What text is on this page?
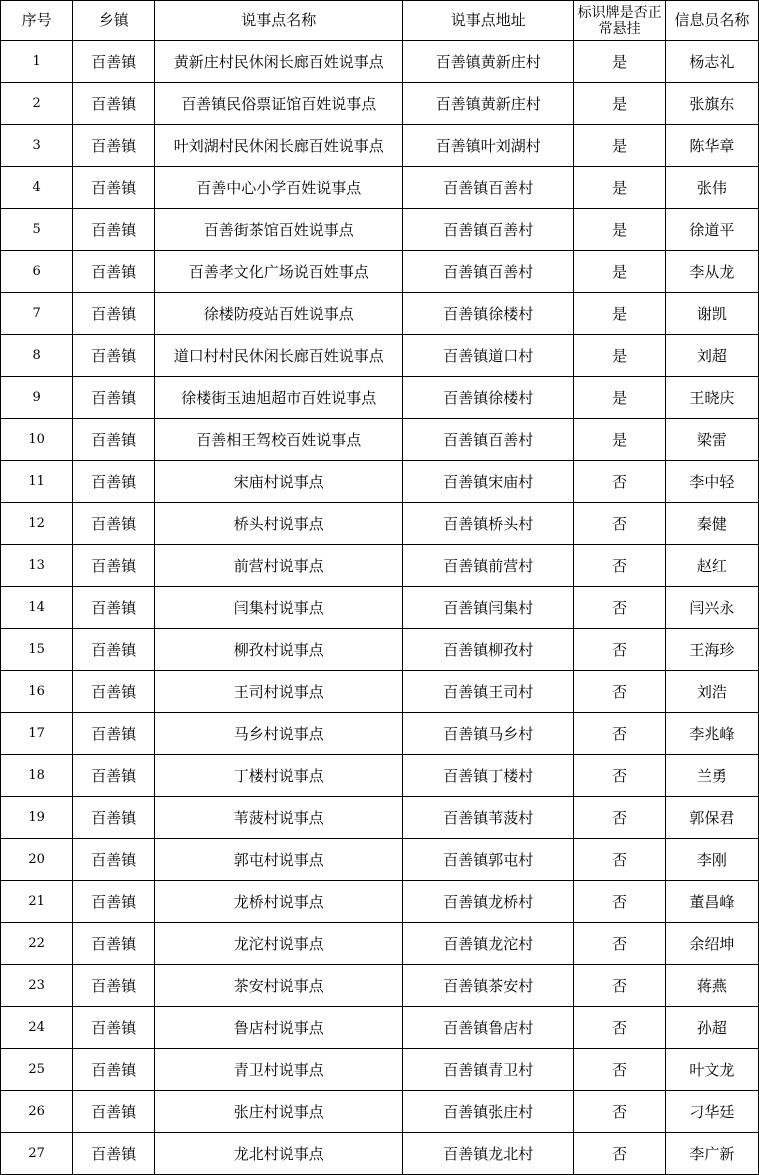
序号	乡镇	说事点名称	说事点地址	标识牌是否正常悬挂	信息员名称
1	百善镇	黄新庄村民休闲长廊百姓说事点	百善镇黄新庄村	是	杨志礼
2	百善镇	百善镇民俗票证馆百姓说事点	百善镇黄新庄村	是	张旗东
3	百善镇	叶刘湖村民休闲长廊百姓说事点	百善镇叶刘湖村	是	陈华章
4	百善镇	百善中心小学百姓说事点	百善镇百善村	是	张伟
5	百善镇	百善街茶馆百姓说事点	百善镇百善村	是	徐道平
6	百善镇	百善孝文化广场说百姓事点	百善镇百善村	是	李从龙
7	百善镇	徐楼防疫站百姓说事点	百善镇徐楼村	是	谢凯
8	百善镇	道口村村民休闲长廊百姓说事点	百善镇道口村	是	刘超
9	百善镇	徐楼街玉迪旭超市百姓说事点	百善镇徐楼村	是	王晓庆
10	百善镇	百善相王驾校百姓说事点	百善镇百善村	是	梁雷
11	百善镇	宋庙村说事点	百善镇宋庙村	否	李中轻
12	百善镇	桥头村说事点	百善镇桥头村	否	秦健
13	百善镇	前营村说事点	百善镇前营村	否	赵红
14	百善镇	闫集村说事点	百善镇闫集村	否	闫兴永
15	百善镇	柳孜村说事点	百善镇柳孜村	否	王海珍
16	百善镇	王司村说事点	百善镇王司村	否	刘浩
17	百善镇	马乡村说事点	百善镇马乡村	否	李兆峰
18	百善镇	丁楼村说事点	百善镇丁楼村	否	兰勇
19	百善镇	苇菠村说事点	百善镇苇菠村	否	郭保君
20	百善镇	郭屯村说事点	百善镇郭屯村	否	李刚
21	百善镇	龙桥村说事点	百善镇龙桥村	否	董昌峰
22	百善镇	龙沱村说事点	百善镇龙沱村	否	余绍坤
23	百善镇	茶安村说事点	百善镇茶安村	否	蒋燕
24	百善镇	鲁店村说事点	百善镇鲁店村	否	孙超
25	百善镇	青卫村说事点	百善镇青卫村	否	叶文龙
26	百善镇	张庄村说事点	百善镇张庄村	否	刁华廷
27	百善镇	龙北村说事点	百善镇龙北村	否	李广新
